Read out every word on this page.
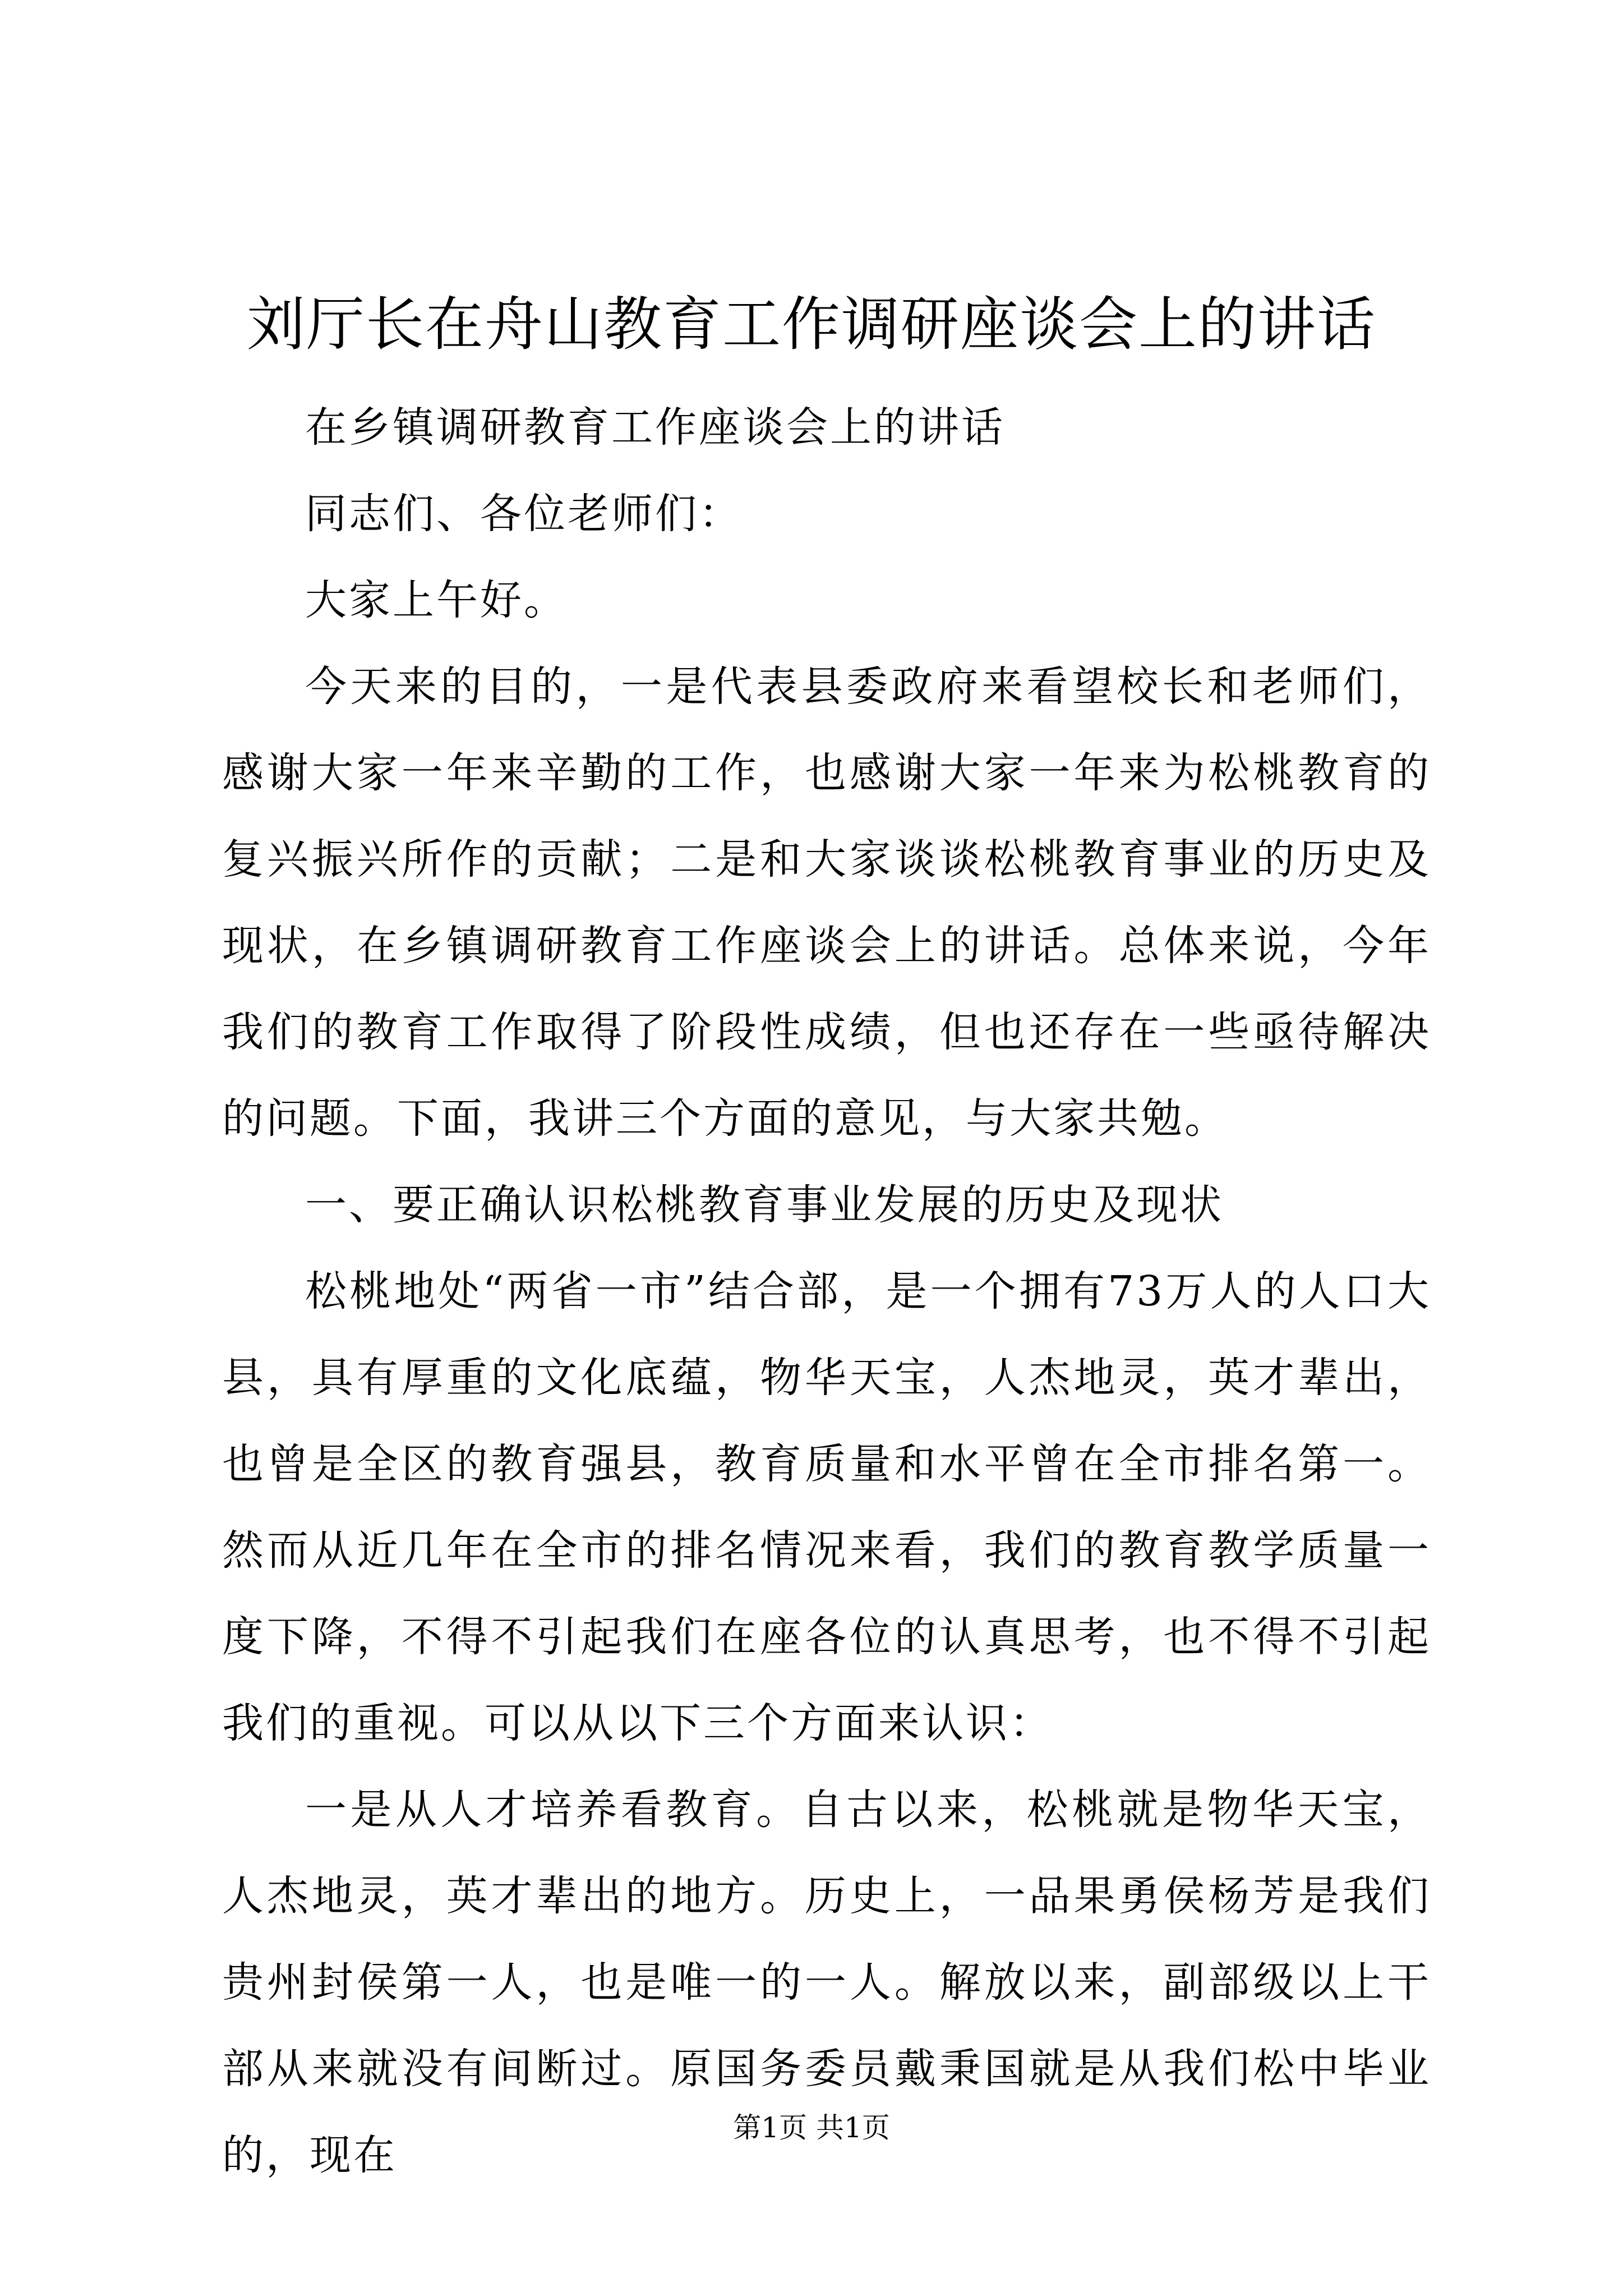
刘厅长在舟山教育工作调研座谈会上的讲话

在乡镇调研教育工作座谈会上的讲话

同志们、各位老师们：

大家上午好。

今天来的目的，一是代表县委政府来看望校长和老师们，感谢大家一年来辛勤的工作，也感谢大家一年来为松桃教育的复兴振兴所作的贡献；二是和大家谈谈松桃教育事业的历史及现状，在乡镇调研教育工作座谈会上的讲话。总体来说，今年我们的教育工作取得了阶段性成绩，但也还存在一些亟待解决的问题。下面，我讲三个方面的意见，与大家共勉。

一、要正确认识松桃教育事业发展的历史及现状

松桃地处“两省一市”结合部，是一个拥有73万人的人口大县，具有厚重的文化底蕴，物华天宝，人杰地灵，英才辈出，也曾是全区的教育强县，教育质量和水平曾在全市排名第一。然而从近几年在全市的排名情况来看，我们的教育教学质量一度下降，不得不引起我们在座各位的认真思考，也不得不引起我们的重视。可以从以下三个方面来认识：

一是从人才培养看教育。自古以来，松桃就是物华天宝，人杰地灵，英才辈出的地方。历史上，一品果勇侯杨芳是我们贵州封侯第一人，也是唯一的一人。解放以来，副部级以上干部从来就没有间断过。原国务委员戴秉国就是从我们松中毕业的，现在

第1页 共1页
